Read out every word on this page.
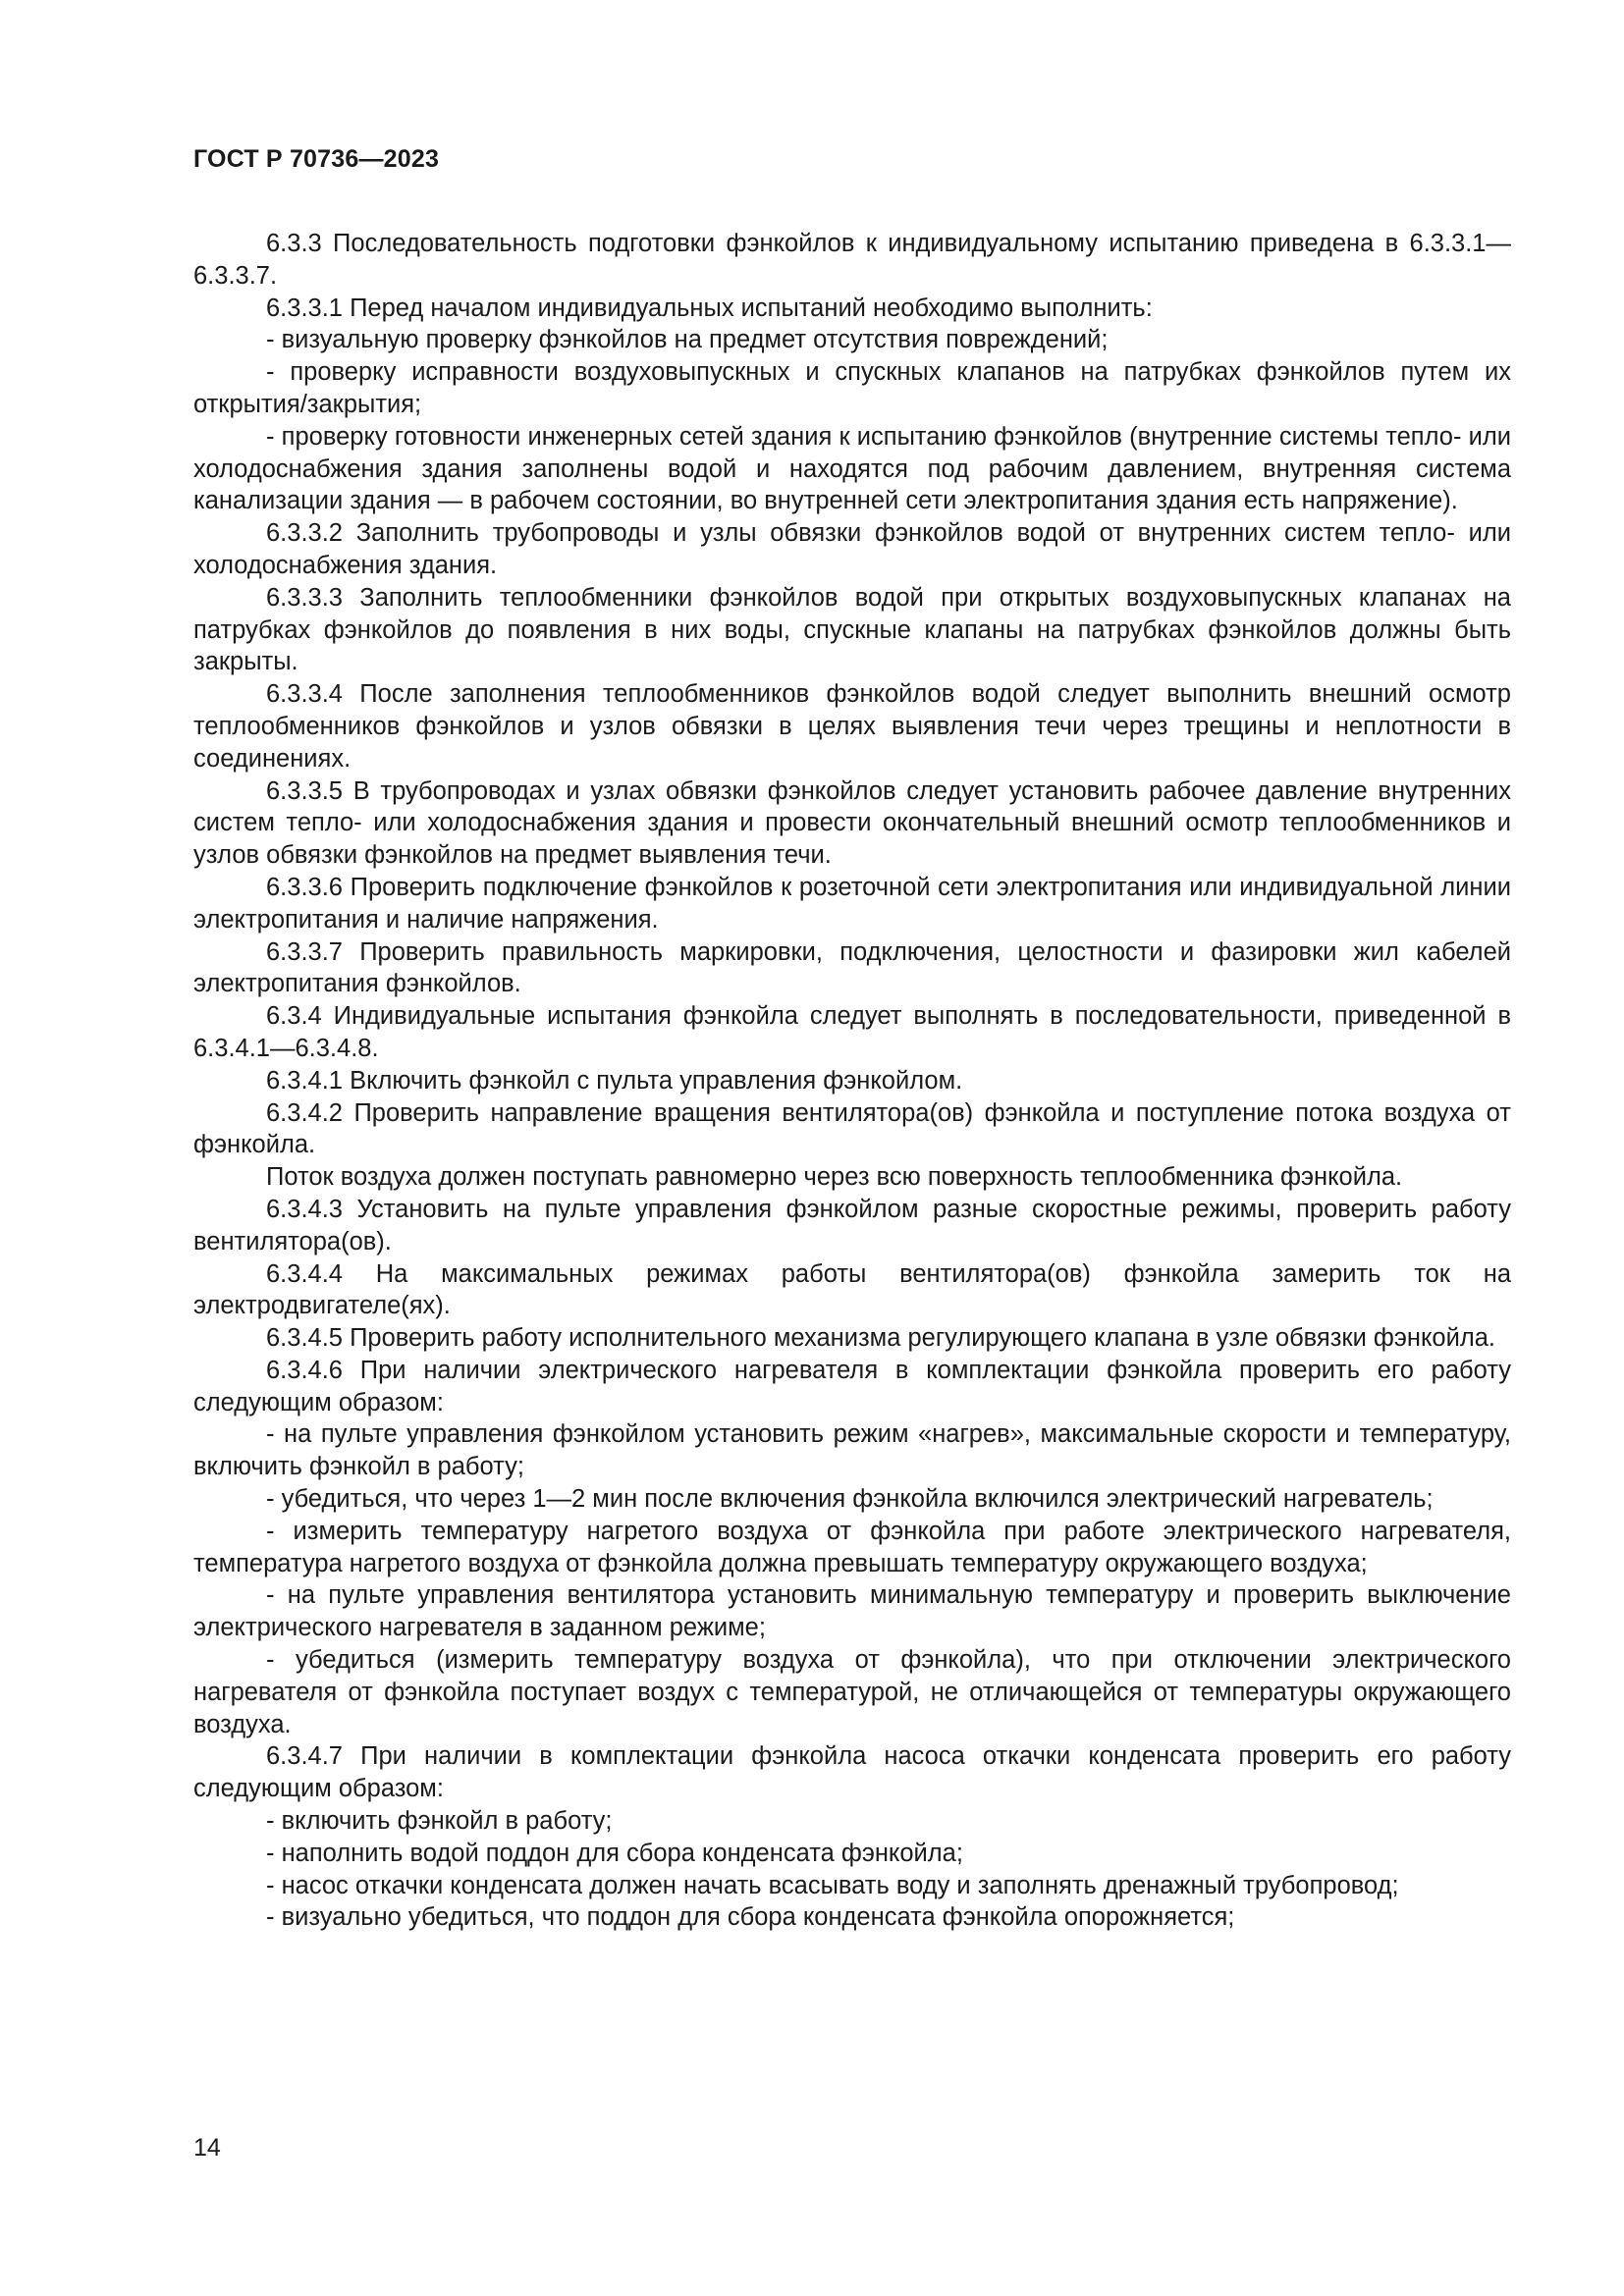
ГОСТ Р 70736—2023

6.3.3 Последовательность подготовки фэнкойлов к индивидуальному испытанию приведена в 6.3.3.1—6.3.3.7.

6.3.3.1 Перед началом индивидуальных испытаний необходимо выполнить:

- визуальную проверку фэнкойлов на предмет отсутствия повреждений;

- проверку исправности воздуховыпускных и спускных клапанов на патрубках фэнкойлов путем их открытия/закрытия;

- проверку готовности инженерных сетей здания к испытанию фэнкойлов (внутренние системы тепло- или холодоснабжения здания заполнены водой и находятся под рабочим давлением, внутренняя система канализации здания — в рабочем состоянии, во внутренней сети электропитания здания есть напряжение).

6.3.3.2 Заполнить трубопроводы и узлы обвязки фэнкойлов водой от внутренних систем тепло- или холодоснабжения здания.

6.3.3.3 Заполнить теплообменники фэнкойлов водой при открытых воздуховыпускных клапанах на патрубках фэнкойлов до появления в них воды, спускные клапаны на патрубках фэнкойлов должны быть закрыты.

6.3.3.4 После заполнения теплообменников фэнкойлов водой следует выполнить внешний осмотр теплообменников фэнкойлов и узлов обвязки в целях выявления течи через трещины и неплотности в соединениях.

6.3.3.5 В трубопроводах и узлах обвязки фэнкойлов следует установить рабочее давление внутренних систем тепло- или холодоснабжения здания и провести окончательный внешний осмотр теплообменников и узлов обвязки фэнкойлов на предмет выявления течи.

6.3.3.6 Проверить подключение фэнкойлов к розеточной сети электропитания или индивидуальной линии электропитания и наличие напряжения.

6.3.3.7 Проверить правильность маркировки, подключения, целостности и фазировки жил кабелей электропитания фэнкойлов.

6.3.4 Индивидуальные испытания фэнкойла следует выполнять в последовательности, приведенной в 6.3.4.1—6.3.4.8.

6.3.4.1 Включить фэнкойл с пульта управления фэнкойлом.

6.3.4.2 Проверить направление вращения вентилятора(ов) фэнкойла и поступление потока воздуха от фэнкойла.

Поток воздуха должен поступать равномерно через всю поверхность теплообменника фэнкойла.

6.3.4.3 Установить на пульте управления фэнкойлом разные скоростные режимы, проверить работу вентилятора(ов).

6.3.4.4 На максимальных режимах работы вентилятора(ов) фэнкойла замерить ток на электродвигателе(ях).

6.3.4.5 Проверить работу исполнительного механизма регулирующего клапана в узле обвязки фэнкойла.

6.3.4.6 При наличии электрического нагревателя в комплектации фэнкойла проверить его работу следующим образом:

- на пульте управления фэнкойлом установить режим «нагрев», максимальные скорости и температуру, включить фэнкойл в работу;

- убедиться, что через 1—2 мин после включения фэнкойла включился электрический нагреватель;

- измерить температуру нагретого воздуха от фэнкойла при работе электрического нагревателя, температура нагретого воздуха от фэнкойла должна превышать температуру окружающего воздуха;

- на пульте управления вентилятора установить минимальную температуру и проверить выключение электрического нагревателя в заданном режиме;

- убедиться (измерить температуру воздуха от фэнкойла), что при отключении электрического нагревателя от фэнкойла поступает воздух с температурой, не отличающейся от температуры окружающего воздуха.

6.3.4.7 При наличии в комплектации фэнкойла насоса откачки конденсата проверить его работу следующим образом:

- включить фэнкойл в работу;

- наполнить водой поддон для сбора конденсата фэнкойла;

- насос откачки конденсата должен начать всасывать воду и заполнять дренажный трубопровод;

- визуально убедиться, что поддон для сбора конденсата фэнкойла опорожняется;

14
